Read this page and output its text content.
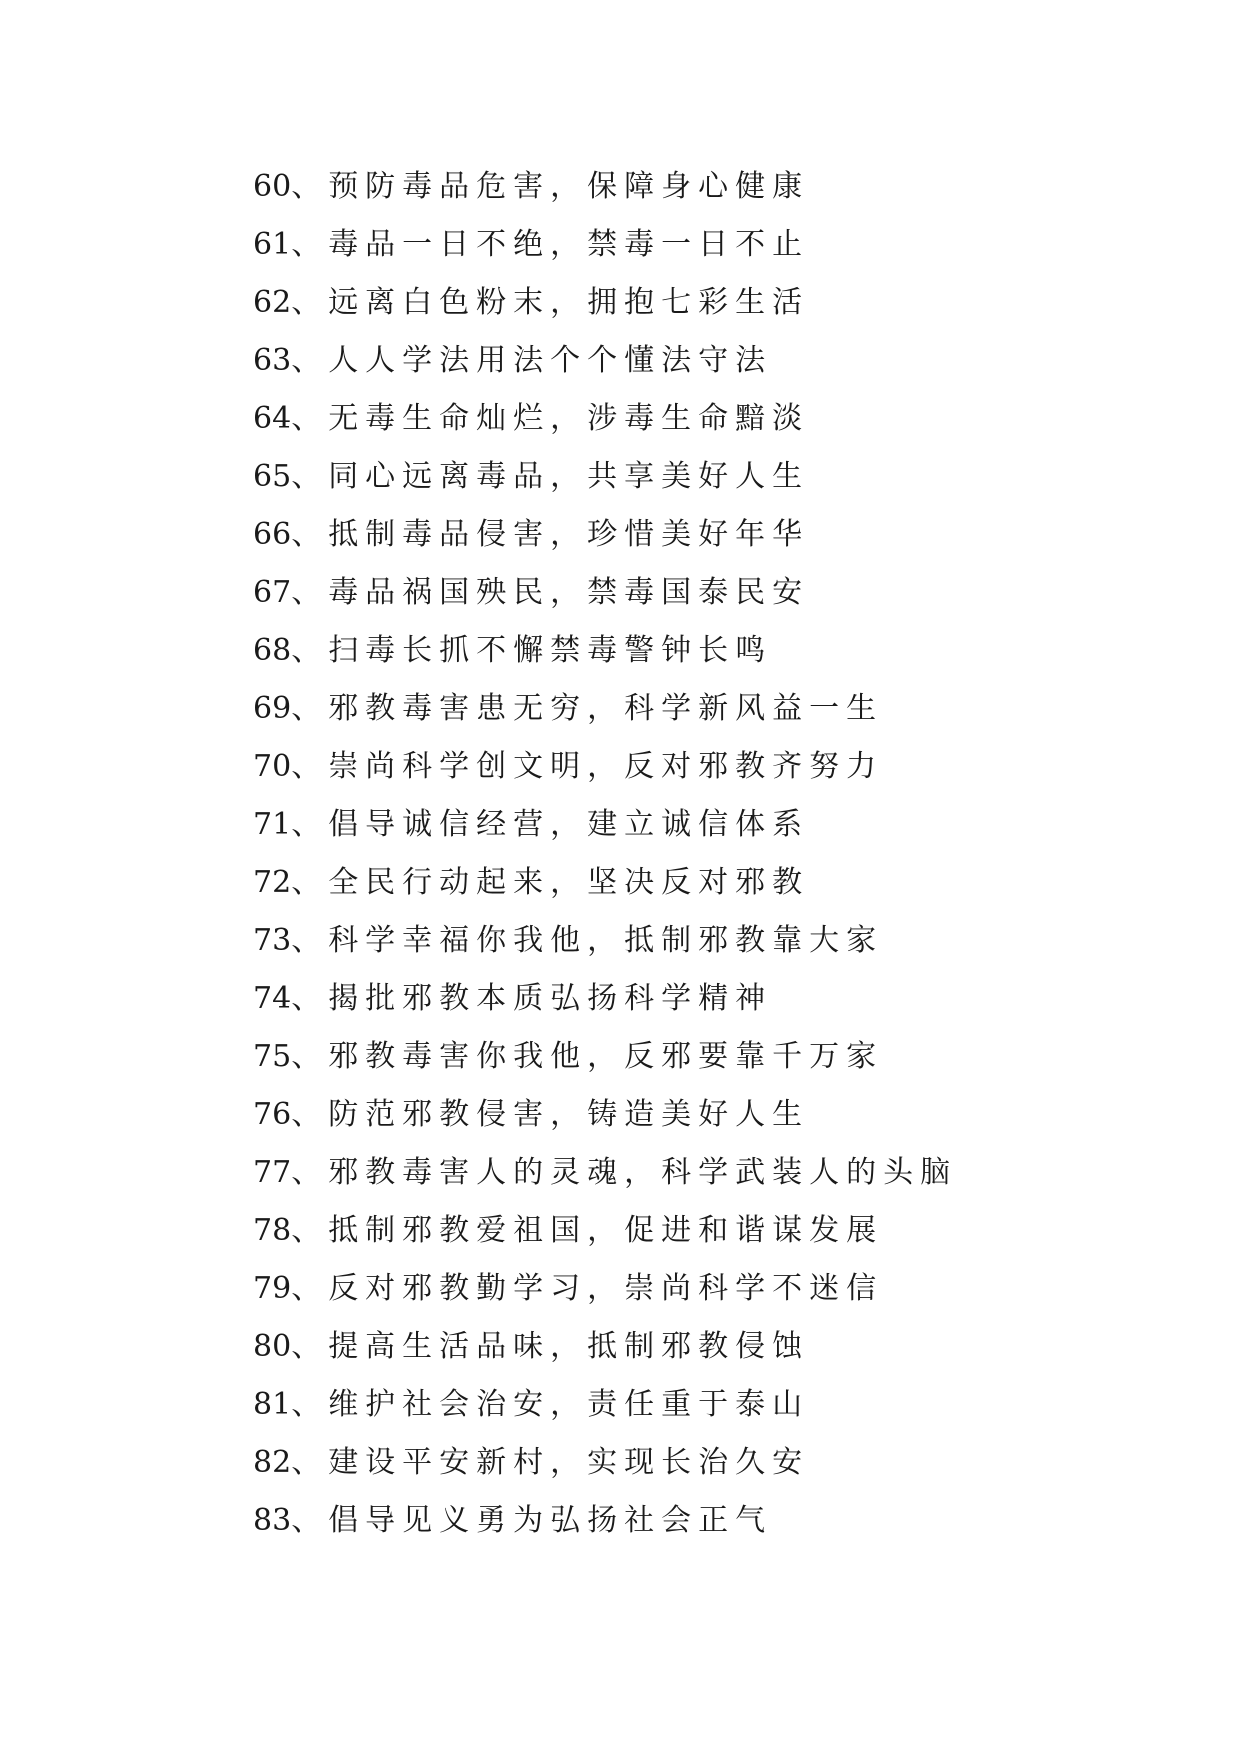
60 、 预防毒品危害，保障身心健康
61 、 毒品一日不绝，禁毒一日不止
62 、 远离白色粉末，拥抱七彩生活
63 、 人人学法用法个个懂法守法
64 、 无毒生命灿烂，涉毒生命黯淡
65 、 同心远离毒品，共享美好人生
66 、 抵制毒品侵害，珍惜美好年华
67 、 毒品祸国殃民，禁毒国泰民安
68 、 扫毒长抓不懈禁毒警钟长鸣
69 、 邪教毒害患无穷，科学新风益一生
70 、 崇尚科学创文明，反对邪教齐努力
71 、 倡导诚信经营，建立诚信体系
72 、 全民行动起来，坚决反对邪教
73 、 科学幸福你我他，抵制邪教靠大家
74 、 揭批邪教本质弘扬科学精神
75 、 邪教毒害你我他，反邪要靠千万家
76 、 防范邪教侵害，铸造美好人生
77 、 邪教毒害人的灵魂，科学武装人的头脑
78 、 抵制邪教爱祖国，促进和谐谋发展
79 、 反对邪教勤学习，崇尚科学不迷信
80 、 提高生活品味，抵制邪教侵蚀
81 、 维护社会治安，责任重于泰山
82 、 建设平安新村，实现长治久安
83 、 倡导见义勇为弘扬社会正气
